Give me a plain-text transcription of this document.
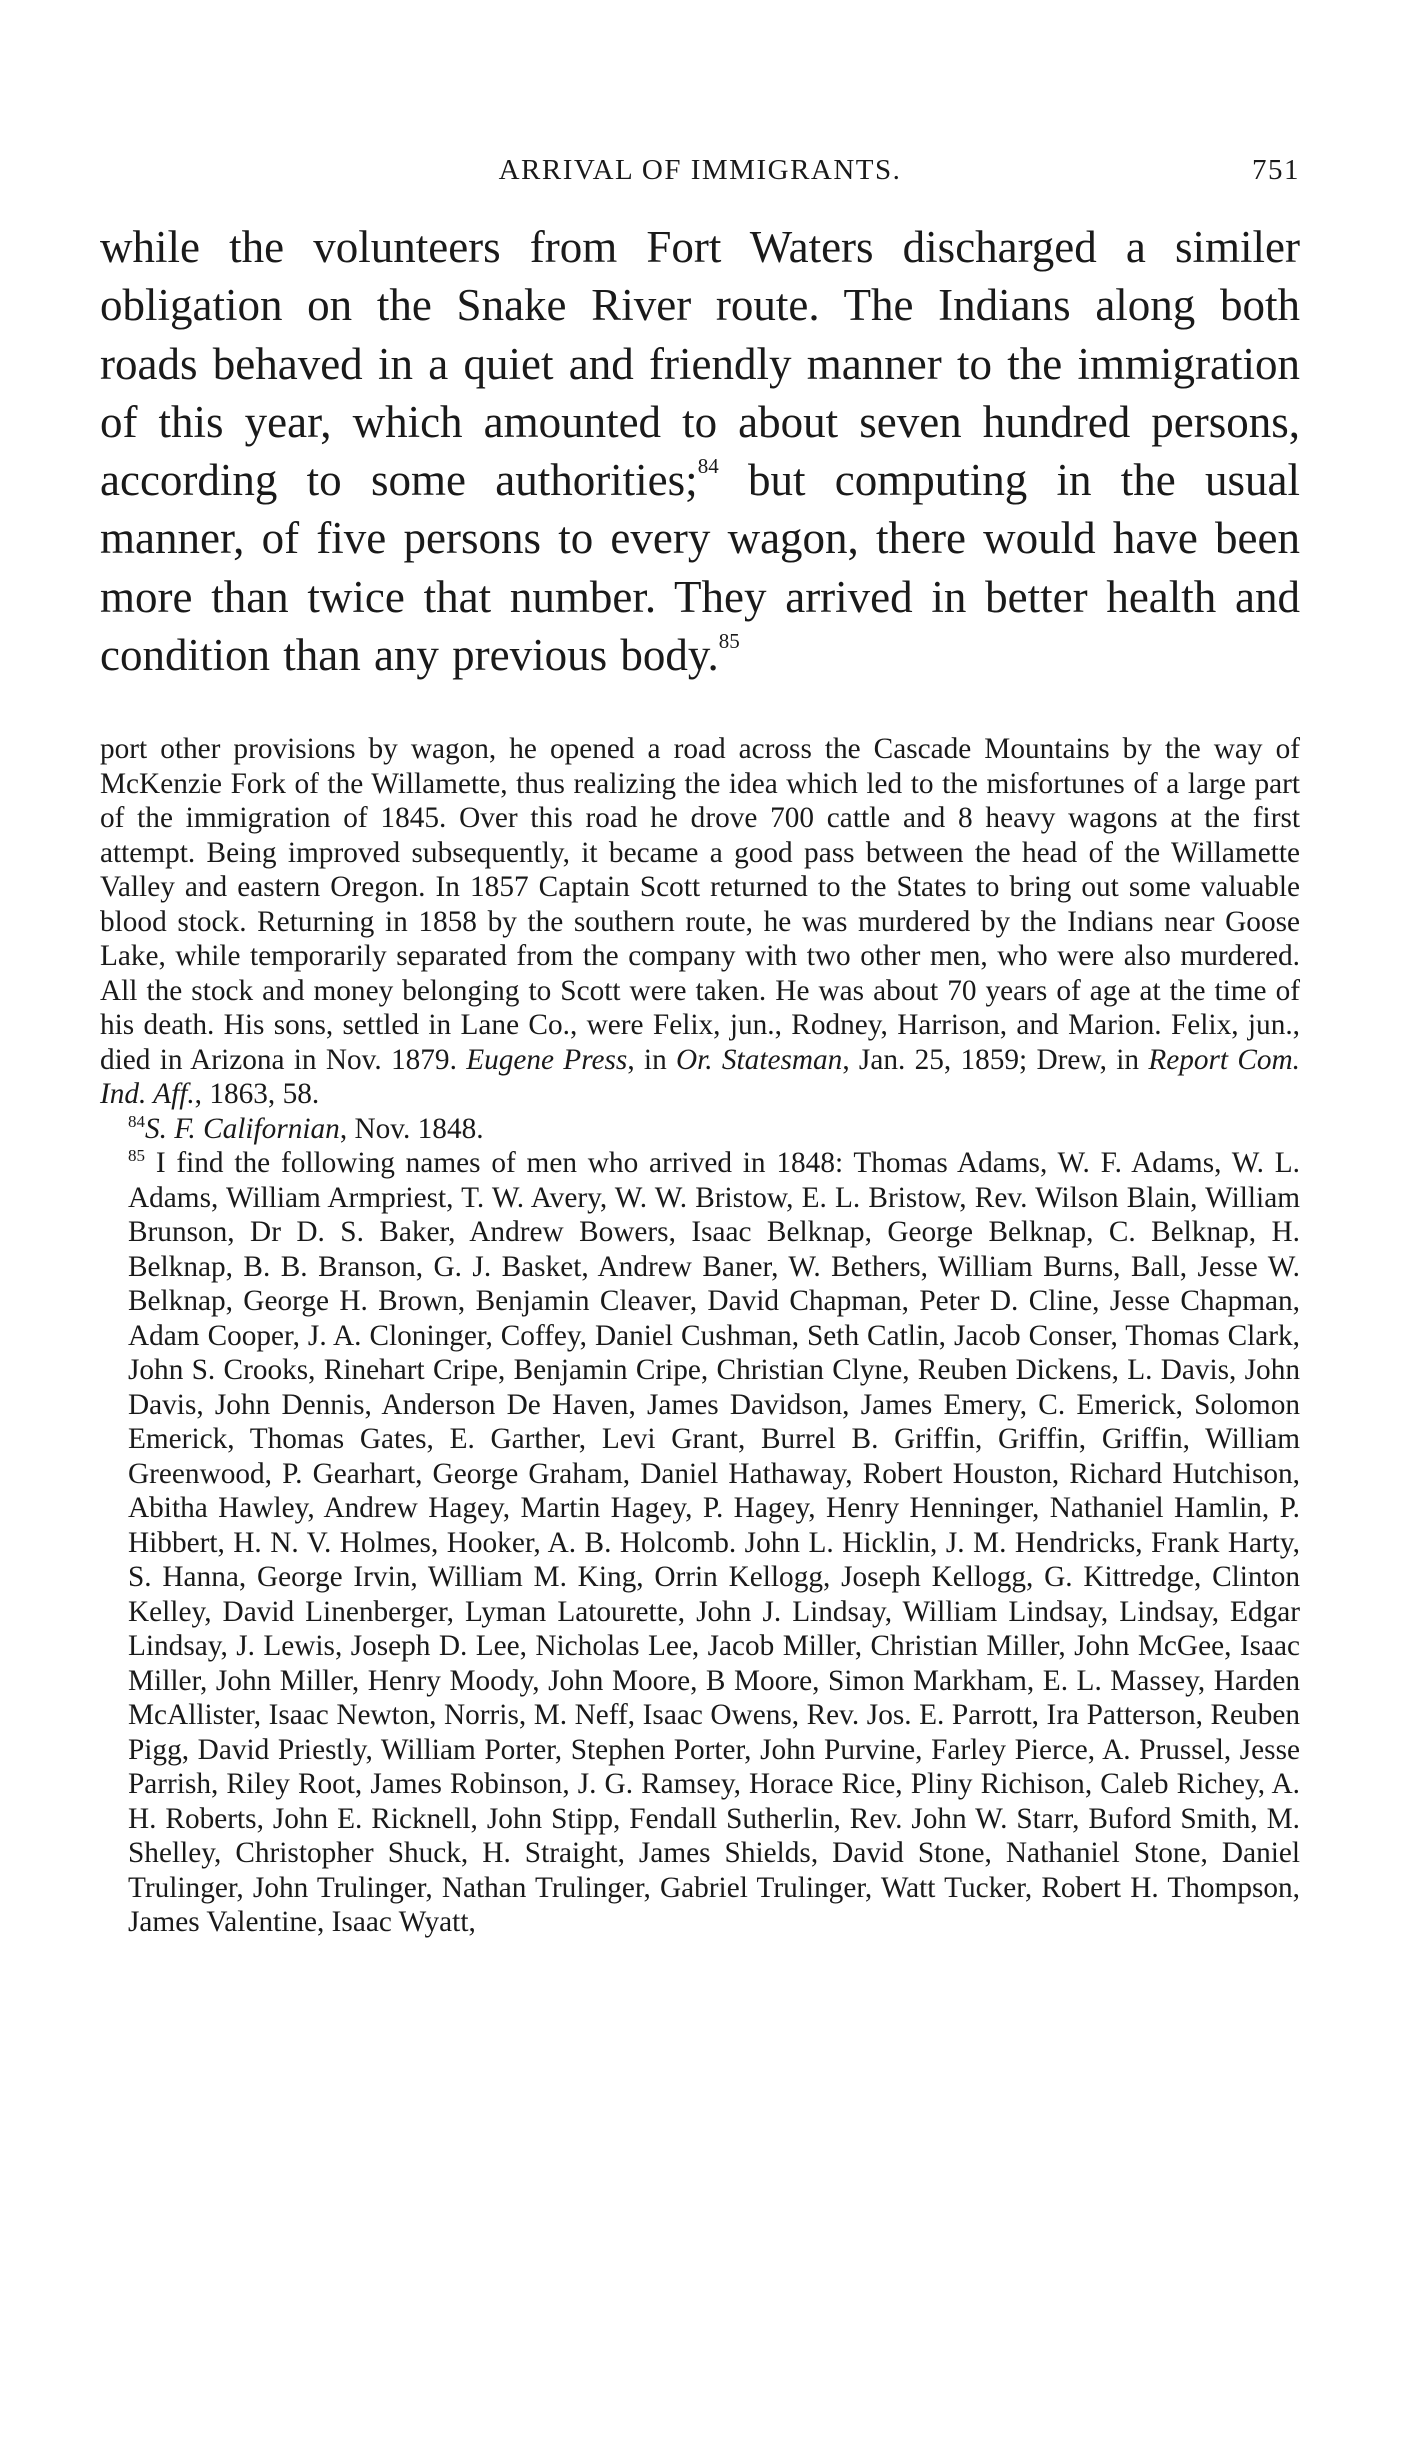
ARRIVAL OF IMMIGRANTS.	751

while the volunteers from Fort Waters discharged a similer obligation on the Snake River route. The Indians along both roads behaved in a quiet and friendly manner to the immigration of this year, which amounted to about seven hundred persons, according to some authorities;$^{84}$ but computing in the usual manner, of five persons to every wagon, there would have been more than twice that number. They arrived in better health and condition than any previous body.$^{85}$

port other provisions by wagon, he opened a road across the Cascade Mountains by the way of McKenzie Fork of the Willamette, thus realizing the idea which led to the misfortunes of a large part of the immigration of 1845. Over this road he drove 700 cattle and 8 heavy wagons at the first attempt. Being improved subsequently, it became a good pass between the head of the Willamette Valley and eastern Oregon. In 1857 Captain Scott returned to the States to bring out some valuable blood stock. Returning in 1858 by the southern route, he was murdered by the Indians near Goose Lake, while temporarily separated from the company with two other men, who were also murdered. All the stock and money belonging to Scott were taken. He was about 70 years of age at the time of his death. His sons, settled in Lane Co., were Felix, jun., Rodney, Harrison, and Marion. Felix, jun., died in Arizona in Nov. 1879. Eugene Press, in Or. Statesman, Jan. 25, 1859; Drew, in Report Com. Ind. Aff., 1863, 58.

$^{84}$S. F. Californian, Nov. 1848.

$^{85}$ I find the following names of men who arrived in 1848: Thomas Adams, W. F. Adams, W. L. Adams, William Armpriest, T. W. Avery, W. W. Bristow, E. L. Bristow, Rev. Wilson Blain, William Brunson, Dr D. S. Baker, Andrew Bowers, Isaac Belknap, George Belknap, C. Belknap, H. Belknap, B. B. Branson, G. J. Basket, Andrew Baner, W. Bethers, William Burns, Ball, Jesse W. Belknap, George H. Brown, Benjamin Cleaver, David Chapman, Peter D. Cline, Jesse Chapman, Adam Cooper, J. A. Cloninger, Coffey, Daniel Cushman, Seth Catlin, Jacob Conser, Thomas Clark, John S. Crooks, Rinehart Cripe, Benjamin Cripe, Christian Clyne, Reuben Dickens, L. Davis, John Davis, John Dennis, Anderson De Haven, James Davidson, James Emery, C. Emerick, Solomon Emerick, Thomas Gates, E. Garther, Levi Grant, Burrel B. Griffin, Griffin, Griffin, William Greenwood, P. Gearhart, George Graham, Daniel Hathaway, Robert Houston, Richard Hutchison, Abitha Hawley, Andrew Hagey, Martin Hagey, P. Hagey, Henry Henninger, Nathaniel Hamlin, P. Hibbert, H. N. V. Holmes, Hooker, A. B. Holcomb. John L. Hicklin, J. M. Hendricks, Frank Harty, S. Hanna, George Irvin, William M. King, Orrin Kellogg, Joseph Kellogg, G. Kittredge, Clinton Kelley, David Linenberger, Lyman Latourette, John J. Lindsay, William Lindsay, Lindsay, Edgar Lindsay, J. Lewis, Joseph D. Lee, Nicholas Lee, Jacob Miller, Christian Miller, John McGee, Isaac Miller, John Miller, Henry Moody, John Moore, B Moore, Simon Markham, E. L. Massey, Harden McAllister, Isaac Newton, Norris, M. Neff, Isaac Owens, Rev. Jos. E. Parrott, Ira Patterson, Reuben Pigg, David Priestly, William Porter, Stephen Porter, John Purvine, Farley Pierce, A. Prussel, Jesse Parrish, Riley Root, James Robinson, J. G. Ramsey, Horace Rice, Pliny Richison, Caleb Richey, A. H. Roberts, John E. Ricknell, John Stipp, Fendall Sutherlin, Rev. John W. Starr, Buford Smith, M. Shelley, Christopher Shuck, H. Straight, James Shields, David Stone, Nathaniel Stone, Daniel Trulinger, John Trulinger, Nathan Trulinger, Gabriel Trulinger, Watt Tucker, Robert H. Thompson, James Valentine, Isaac Wyatt,
